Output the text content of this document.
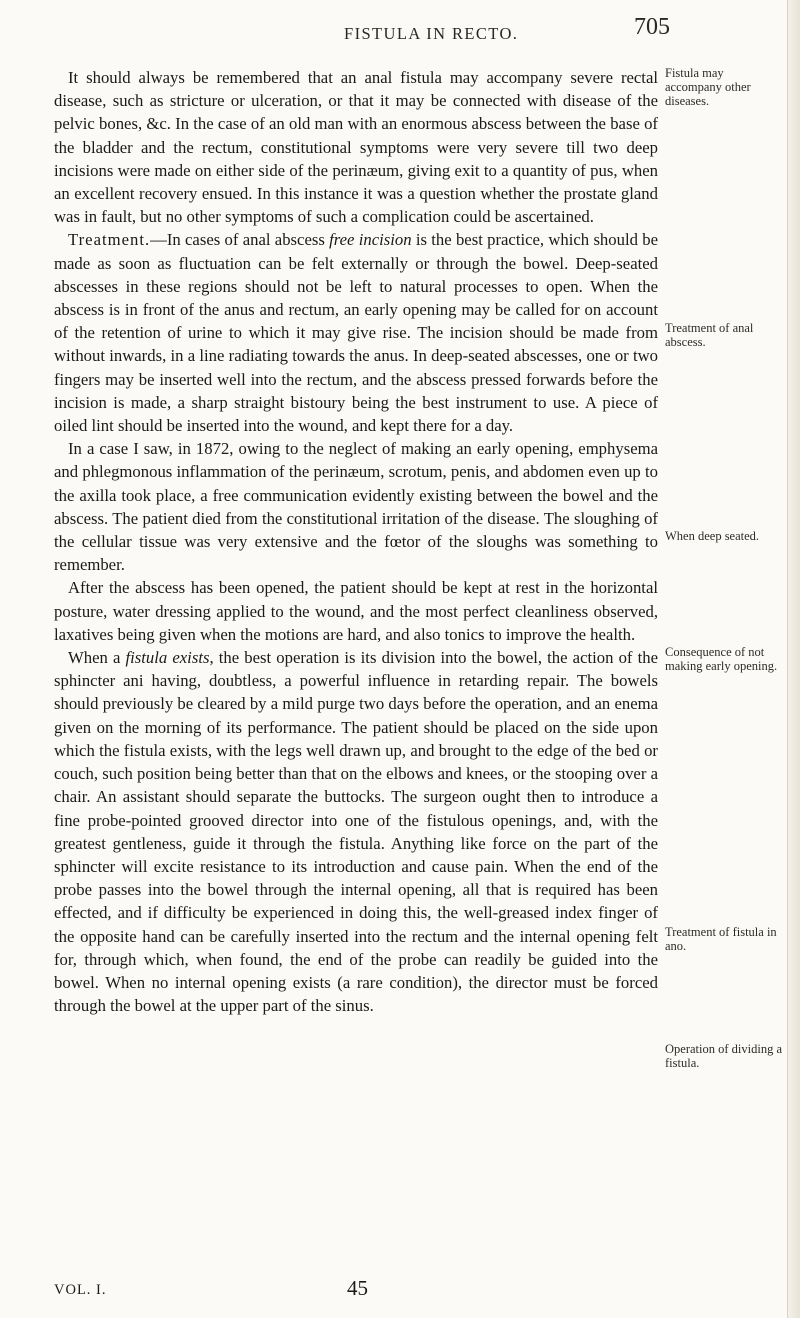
FISTULA IN RECTO.	705

It should always be remembered that an anal fistula may accompany severe rectal disease, such as stricture or ulceration, or that it may be connected with disease of the pelvic bones, &c. In the case of an old man with an enormous abscess between the base of the bladder and the rectum, constitutional symptoms were very severe till two deep incisions were made on either side of the perinæum, giving exit to a quantity of pus, when an excellent recovery ensued. In this instance it was a question whether the prostate gland was in fault, but no other symptoms of such a complication could be ascertained.

Treatment.—In cases of anal abscess free incision is the best practice, which should be made as soon as fluctuation can be felt externally or through the bowel. Deep-seated abscesses in these regions should not be left to natural processes to open. When the abscess is in front of the anus and rectum, an early opening may be called for on account of the retention of urine to which it may give rise. The incision should be made from without inwards, in a line radiating towards the anus. In deep-seated abscesses, one or two fingers may be inserted well into the rectum, and the abscess pressed forwards before the incision is made, a sharp straight bistoury being the best instrument to use. A piece of oiled lint should be inserted into the wound, and kept there for a day.

In a case I saw, in 1872, owing to the neglect of making an early opening, emphysema and phlegmonous inflammation of the perinæum, scrotum, penis, and abdomen even up to the axilla took place, a free communication evidently existing between the bowel and the abscess. The patient died from the constitutional irritation of the disease. The sloughing of the cellular tissue was very extensive and the fœtor of the sloughs was something to remember.

After the abscess has been opened, the patient should be kept at rest in the horizontal posture, water dressing applied to the wound, and the most perfect cleanliness observed, laxatives being given when the motions are hard, and also tonics to improve the health.

When a fistula exists, the best operation is its division into the bowel, the action of the sphincter ani having, doubtless, a powerful influence in retarding repair. The bowels should previously be cleared by a mild purge two days before the operation, and an enema given on the morning of its performance. The patient should be placed on the side upon which the fistula exists, with the legs well drawn up, and brought to the edge of the bed or couch, such position being better than that on the elbows and knees, or the stooping over a chair. An assistant should separate the buttocks. The surgeon ought then to introduce a fine probe-pointed grooved director into one of the fistulous openings, and, with the greatest gentleness, guide it through the fistula. Anything like force on the part of the sphincter will excite resistance to its introduction and cause pain. When the end of the probe passes into the bowel through the internal opening, all that is required has been effected, and if difficulty be experienced in doing this, the well-greased index finger of the opposite hand can be carefully inserted into the rectum and the internal opening felt for, through which, when found, the end of the probe can readily be guided into the bowel. When no internal opening exists (a rare condition), the director must be forced through the bowel at the upper part of the sinus.

Fistula may accompany other diseases.
Treatment of anal abscess.
When deep seated.
Consequence of not making early opening.
Treatment of fistula in ano.
Operation of dividing a fistula.
VOL. I.	45
